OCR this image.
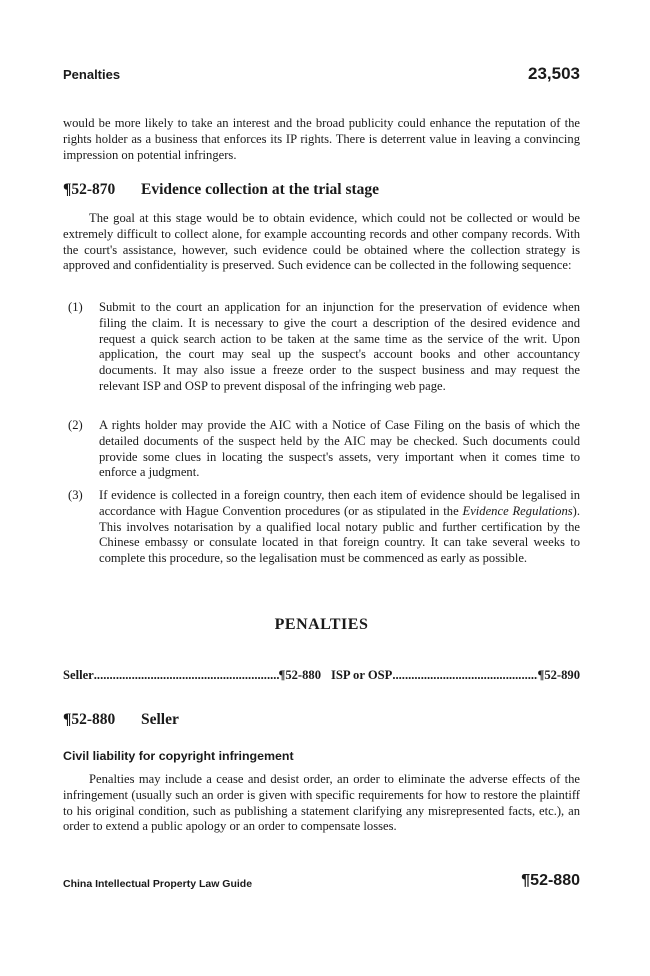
Penalties	23,503

would be more likely to take an interest and the broad publicity could enhance the reputation of the rights holder as a business that enforces its IP rights. There is deterrent value in leaving a convincing impression on potential infringers.

¶52-870 Evidence collection at the trial stage

The goal at this stage would be to obtain evidence, which could not be collected or would be extremely difficult to collect alone, for example accounting records and other company records. With the court's assistance, however, such evidence could be obtained where the collection strategy is approved and confidentiality is preserved. Such evidence can be collected in the following sequence:

(1) Submit to the court an application for an injunction for the preservation of evidence when filing the claim. It is necessary to give the court a description of the desired evidence and request a quick search action to be taken at the same time as the service of the writ. Upon application, the court may seal up the suspect's account books and other accountancy documents. It may also issue a freeze order to the suspect business and may request the relevant ISP and OSP to prevent disposal of the infringing web page.

(2) A rights holder may provide the AIC with a Notice of Case Filing on the basis of which the detailed documents of the suspect held by the AIC may be checked. Such documents could provide some clues in locating the suspect's assets, very important when it comes time to enforce a judgment.

(3) If evidence is collected in a foreign country, then each item of evidence should be legalised in accordance with Hague Convention procedures (or as stipulated in the Evidence Regulations). This involves notarisation by a qualified local notary public and further certification by the Chinese embassy or consulate located in that foreign country. It can take several weeks to complete this procedure, so the legalisation must be commenced as early as possible.

PENALTIES
Seller .....	¶52-880 ISP or OSP .....	¶52-890
¶52-880 Seller
Civil liability for copyright infringement

Penalties may include a cease and desist order, an order to eliminate the adverse effects of the infringement (usually such an order is given with specific requirements for how to restore the plaintiff to his original condition, such as publishing a statement clarifying any misrepresented facts, etc.), an order to extend a public apology or an order to compensate losses.

China Intellectual Property Law Guide	¶52-880
